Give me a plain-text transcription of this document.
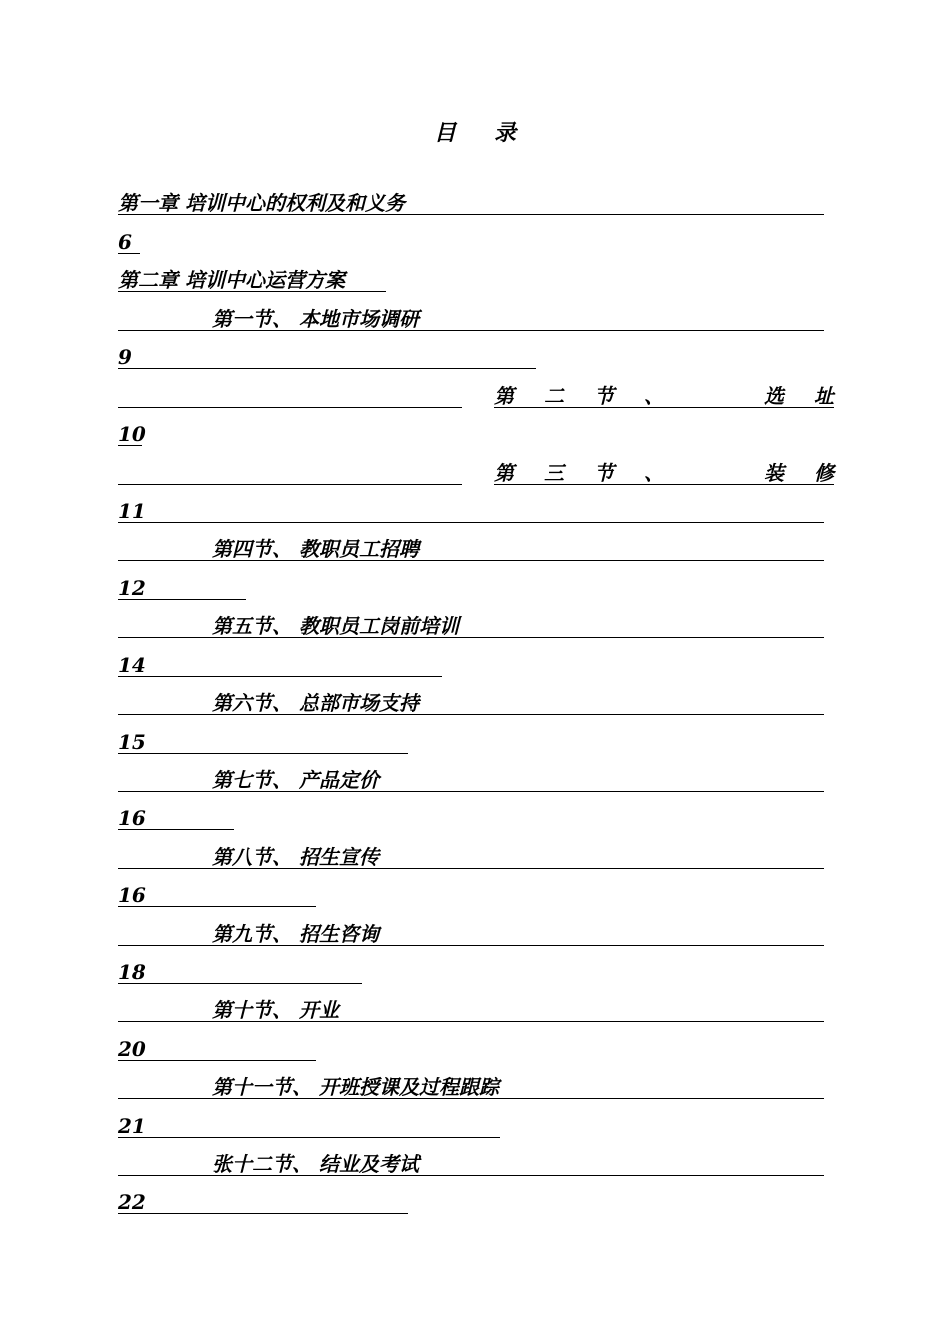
目 录
第一章 培训中心的权利及和义务
6
第二章 培训中心运营方案
第一节、 本地市场调研
9
第 二 节 、	选 址
10
第 三 节 、	装 修
11
第四节、 教职员工招聘
12
第五节、 教职员工岗前培训
14
第六节、 总部市场支持
15
第七节、 产品定价
16
第八节、 招生宣传
16
第九节、 招生咨询
18
第十节、 开业
20
第十一节、 开班授课及过程跟踪
21
张十二节、 结业及考试
22
